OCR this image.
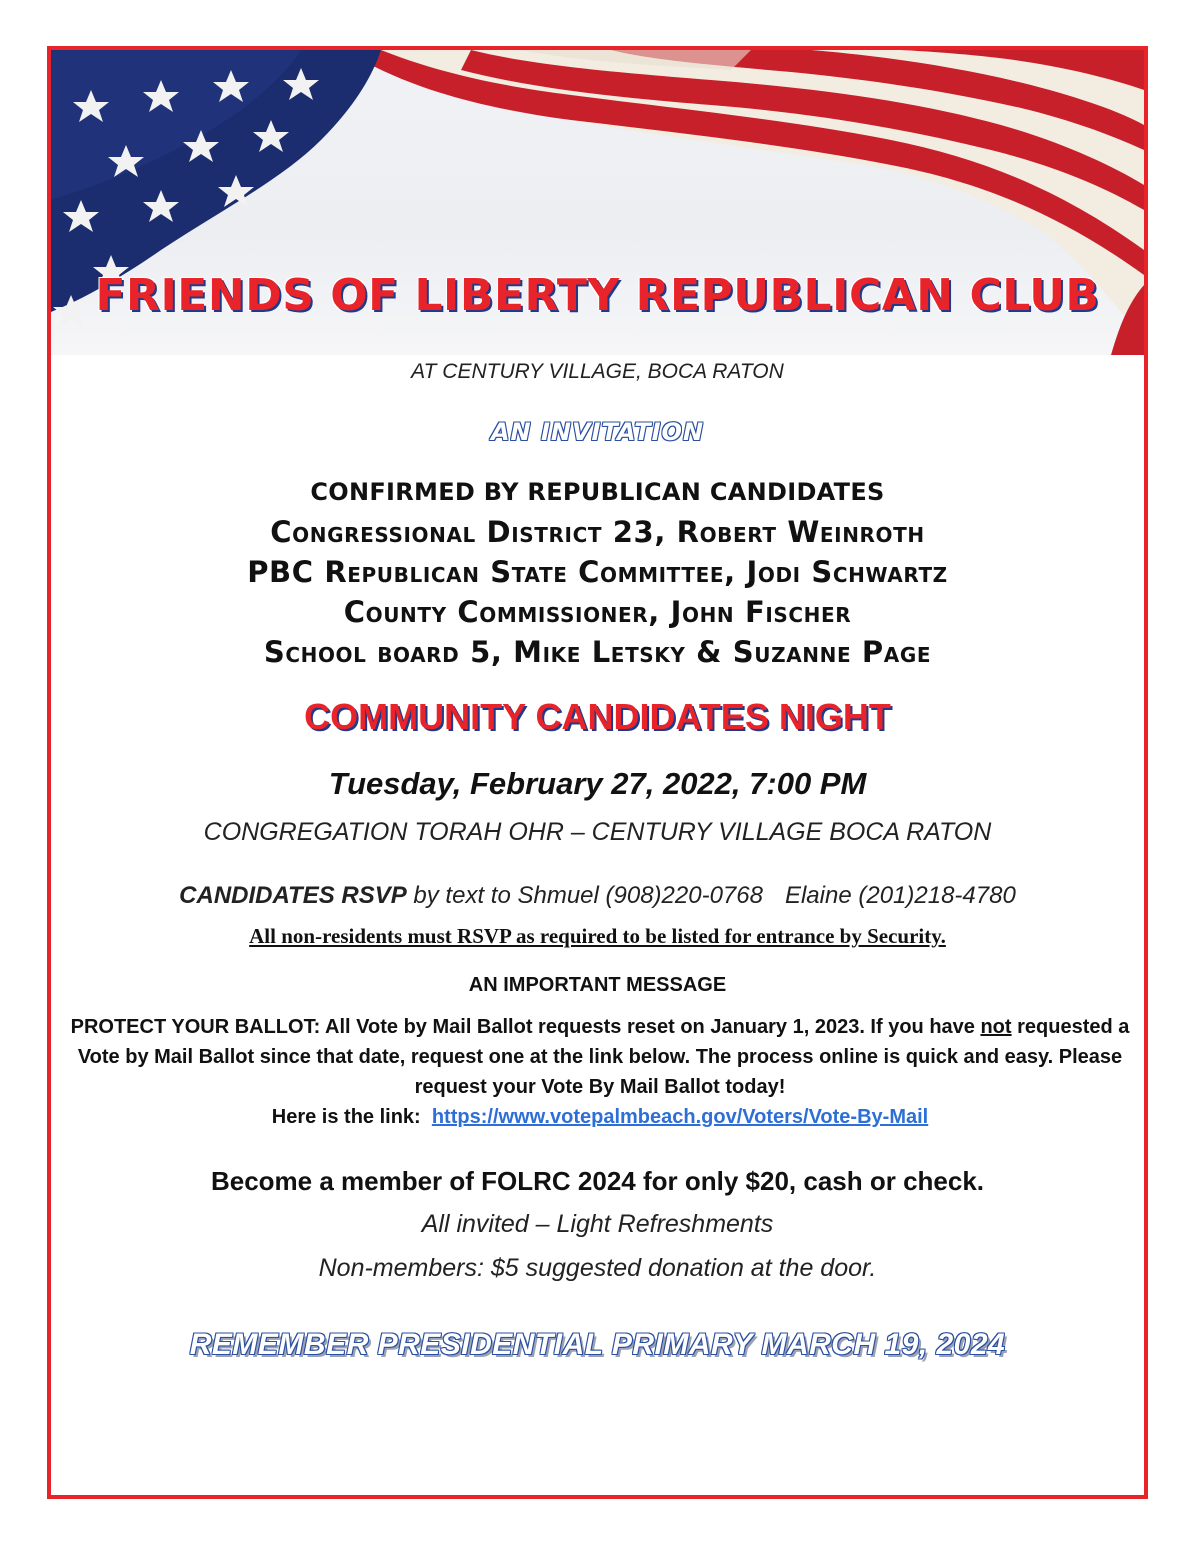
FRIENDS OF LIBERTY REPUBLICAN CLUB
AT CENTURY VILLAGE, BOCA RATON
AN INVITATION
CONFIRMED BY REPUBLICAN CANDIDATES
Congressional District 23, Robert Weinroth
PBC Republican State Committee, Jodi Schwartz
County Commissioner, John Fischer
School board 5, Mike Letsky & Suzanne Page
COMMUNITY CANDIDATES NIGHT
Tuesday, February 27, 2022, 7:00 PM
CONGREGATION TORAH OHR – CENTURY VILLAGE BOCA RATON
CANDIDATES RSVP by text to Shmuel (908)220-0768 Elaine (201)218-4780
All non-residents must RSVP as required to be listed for entrance by Security.
AN IMPORTANT MESSAGE
PROTECT YOUR BALLOT: All Vote by Mail Ballot requests reset on January 1, 2023. If you have not requested a Vote by Mail Ballot since that date, request one at the link below. The process online is quick and easy. Please request your Vote By Mail Ballot today!
Here is the link: https://www.votepalmbeach.gov/Voters/Vote-By-Mail
Become a member of FOLRC 2024 for only $20, cash or check.
All invited – Light Refreshments
Non-members: $5 suggested donation at the door.
REMEMBER PRESIDENTIAL PRIMARY MARCH 19, 2024
